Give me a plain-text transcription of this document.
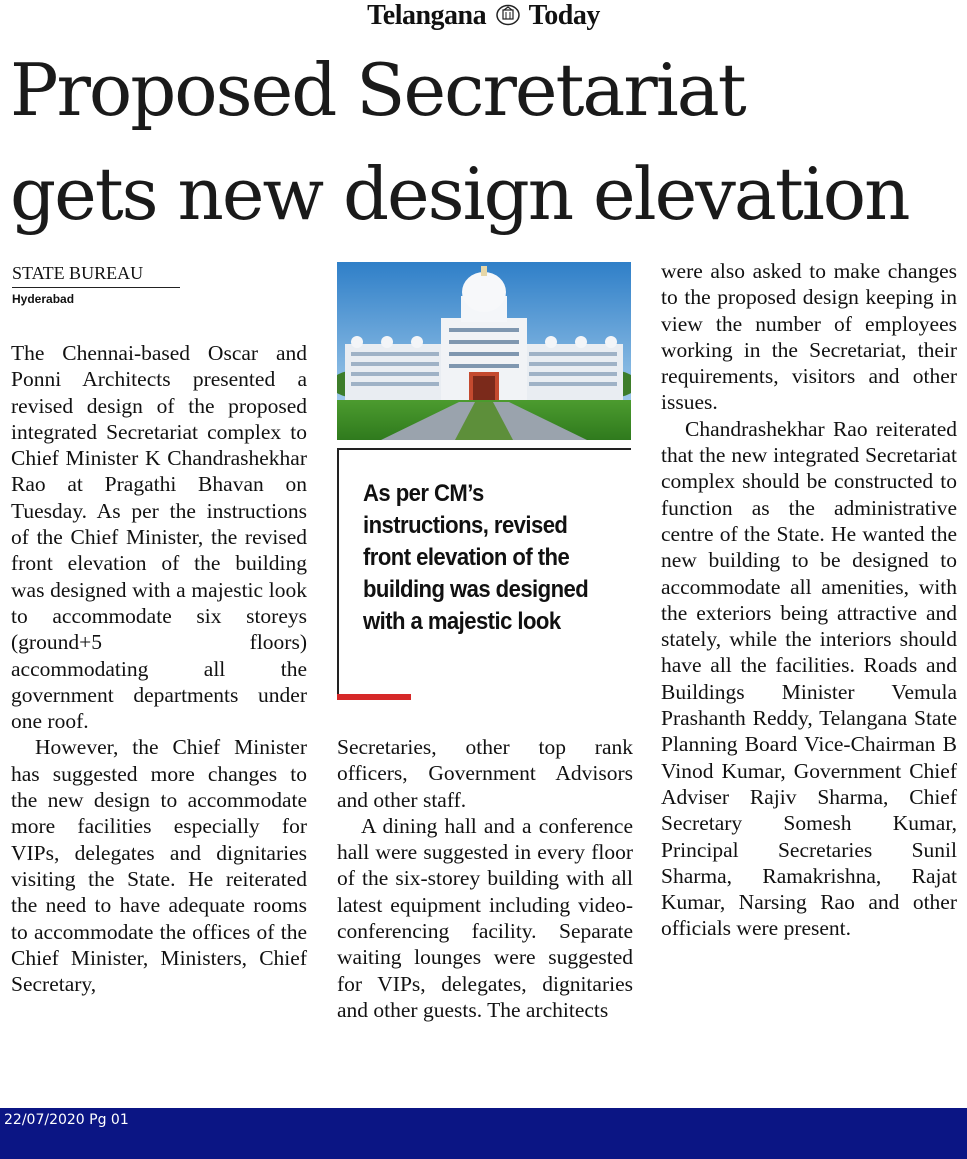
Telangana Today
Proposed Secretariat
gets new design elevation
STATE BUREAU
Hyderabad

The Chennai-based Oscar and Ponni Architects presented a revised design of the proposed integrated Secretariat complex to Chief Minister K Chandrashekhar Rao at Pragathi Bhavan on Tuesday. As per the instructions of the Chief Minister, the revised front elevation of the building was designed with a majestic look to accommodate six storeys (ground+5 floors) accommodating all the government departments under one roof.

However, the Chief Minister has suggested more changes to the new design to accommodate more facilities especially for VIPs, delegates and dignitaries visiting the State. He reiterated the need to have adequate rooms to accommodate the offices of the Chief Minister, Ministers, Chief Secretary,

As per CM’s instructions, revised front elevation of the building was designed with a majestic look

Secretaries, other top rank officers, Government Advisors and other staff.

A dining hall and a conference hall were suggested in every floor of the six-storey building with all latest equipment including video-conferencing facility. Separate waiting lounges were suggested for VIPs, delegates, dignitaries and other guests. The architects

were also asked to make changes to the proposed design keeping in view the number of employees working in the Secretariat, their requirements, visitors and other issues.

Chandrashekhar Rao reiterated that the new integrated Secretariat complex should be constructed to function as the administrative centre of the State. He wanted the new building to be designed to accommodate all amenities, with the exteriors being attractive and stately, while the interiors should have all the facilities. Roads and Buildings Minister Vemula Prashanth Reddy, Telangana State Planning Board Vice-Chairman B Vinod Kumar, Government Chief Adviser Rajiv Sharma, Chief Secretary Somesh Kumar, Principal Secretaries Sunil Sharma, Ramakrishna, Rajat Kumar, Narsing Rao and other officials were present.

22/07/2020 Pg 01
